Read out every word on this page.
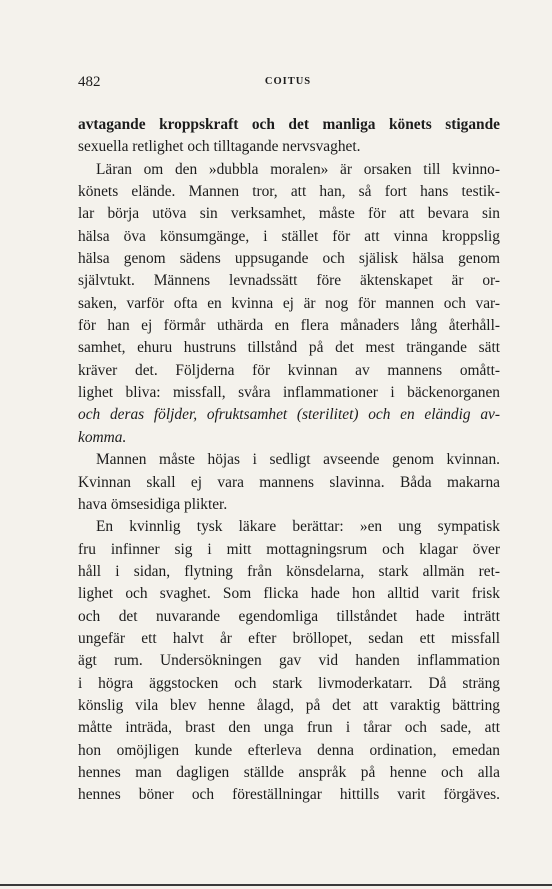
482	COITUS
avtagande kroppskraft och det manliga könets stigande
sexuella retlighet och tilltagande nervsvaghet.
Läran om den »dubbla moralen» är orsaken till kvinno-
könets elände. Mannen tror, att han, så fort hans testik-
lar börja utöva sin verksamhet, måste för att bevara sin
hälsa öva könsumgänge, i stället för att vinna kroppslig
hälsa genom sädens uppsugande och själisk hälsa genom
självtukt. Männens levnadssätt före äktenskapet är or-
saken, varför ofta en kvinna ej är nog för mannen och var-
för han ej förmår uthärda en flera månaders lång återhåll-
samhet, ehuru hustruns tillstånd på det mest trängande sätt
kräver det. Följderna för kvinnan av mannens omått-
lighet bliva: missfall, svåra inflammationer i bäckenorganen
och deras följder, ofruktsamhet (sterilitet) och en eländig av-
komma.
Mannen måste höjas i sedligt avseende genom kvinnan.
Kvinnan skall ej vara mannens slavinna. Båda makarna
hava ömsesidiga plikter.
En kvinnlig tysk läkare berättar: »en ung sympatisk
fru infinner sig i mitt mottagningsrum och klagar över
håll i sidan, flytning från könsdelarna, stark allmän ret-
lighet och svaghet. Som flicka hade hon alltid varit frisk
och det nuvarande egendomliga tillståndet hade inträtt
ungefär ett halvt år efter bröllopet, sedan ett missfall
ägt rum. Undersökningen gav vid handen inflammation
i högra äggstocken och stark livmoderkatarr. Då sträng
könslig vila blev henne ålagd, på det att varaktig bättring
måtte inträda, brast den unga frun i tårar och sade, att
hon omöjligen kunde efterleva denna ordination, emedan
hennes man dagligen ställde anspråk på henne och alla
hennes böner och föreställningar hittills varit förgäves.
